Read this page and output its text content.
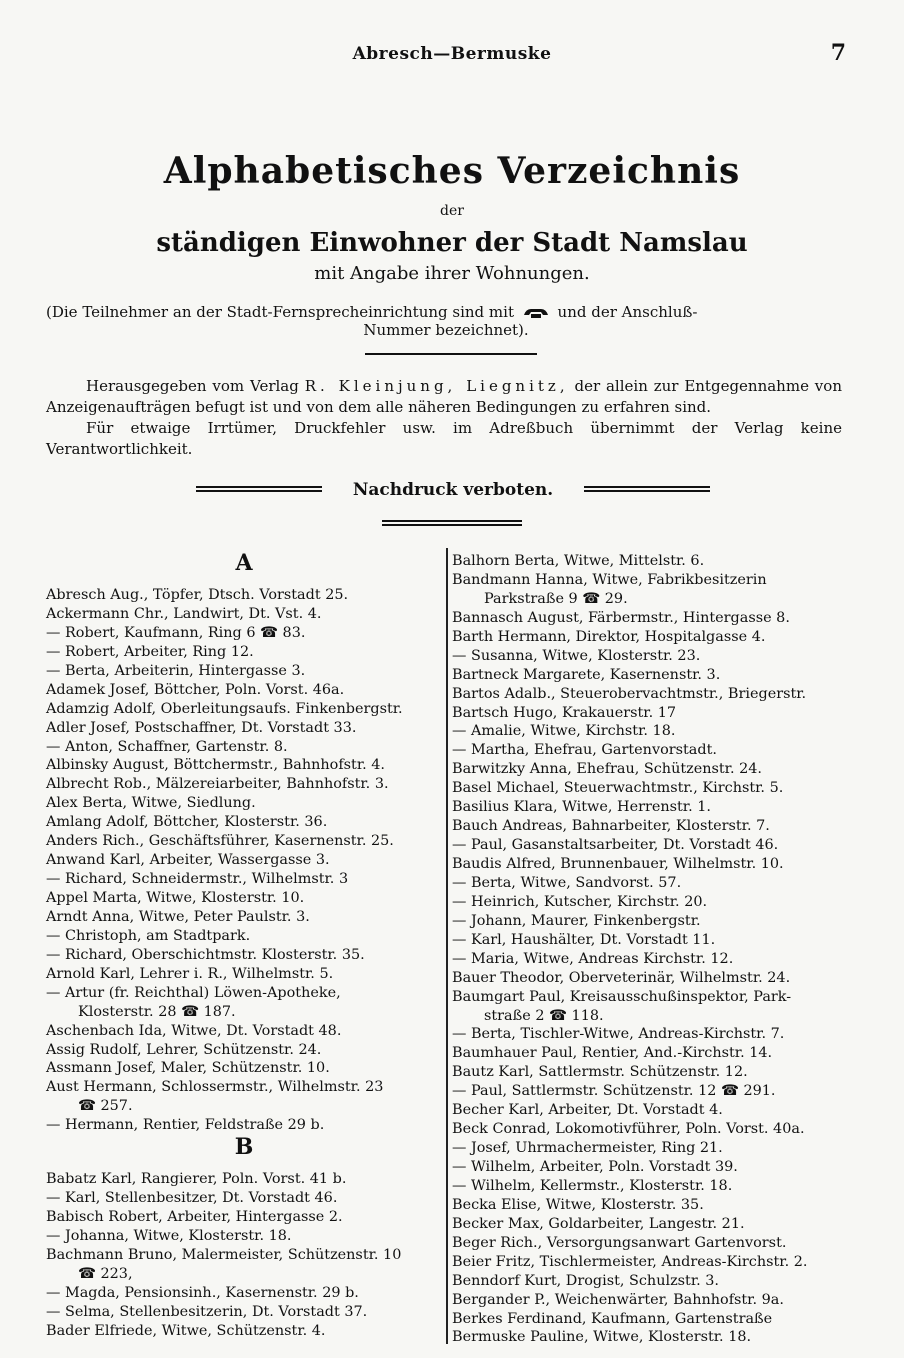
Abresch—Bermuske	7
Alphabetisches Verzeichnis
der
ständigen Einwohner der Stadt Namslau
mit Angabe ihrer Wohnungen.
(Die Teilnehmer an der Stadt-Fernsprecheinrichtung sind mit	und der Anschluß-
Nummer bezeichnet).

Herausgegeben vom Verlag R. Kleinjung, Liegnitz, der allein zur Entgegennahme von Anzeigenaufträgen befugt ist und von dem alle näheren Bedingungen zu erfahren sind.

Für etwaige Irrtümer, Druckfehler usw. im Adreßbuch übernimmt der Verlag keine Verantwortlichkeit.

Nachdruck verboten.
A
Abresch Aug., Töpfer, Dtsch. Vorstadt 25.
Ackermann Chr., Landwirt, Dt. Vst. 4.
— Robert, Kaufmann, Ring 6 ☎ 83.
— Robert, Arbeiter, Ring 12.
— Berta, Arbeiterin, Hintergasse 3.
Adamek Josef, Böttcher, Poln. Vorst. 46a.
Adamzig Adolf, Oberleitungsaufs. Finkenbergstr.
Adler Josef, Postschaffner, Dt. Vorstadt 33.
— Anton, Schaffner, Gartenstr. 8.
Albinsky August, Böttchermstr., Bahnhofstr. 4.
Albrecht Rob., Mälzereiarbeiter, Bahnhofstr. 3.
Alex Berta, Witwe, Siedlung.
Amlang Adolf, Böttcher, Klosterstr. 36.
Anders Rich., Geschäftsführer, Kasernenstr. 25.
Anwand Karl, Arbeiter, Wassergasse 3.
— Richard, Schneidermstr., Wilhelmstr. 3
Appel Marta, Witwe, Klosterstr. 10.
Arndt Anna, Witwe, Peter Paulstr. 3.
— Christoph, am Stadtpark.
— Richard, Oberschichtmstr. Klosterstr. 35.
Arnold Karl, Lehrer i. R., Wilhelmstr. 5.
— Artur (fr. Reichthal) Löwen-Apotheke,
Klosterstr. 28 ☎ 187.
Aschenbach Ida, Witwe, Dt. Vorstadt 48.
Assig Rudolf, Lehrer, Schützenstr. 24.
Assmann Josef, Maler, Schützenstr. 10.
Aust Hermann, Schlossermstr., Wilhelmstr. 23
☎ 257.
— Hermann, Rentier, Feldstraße 29 b.
B
Babatz Karl, Rangierer, Poln. Vorst. 41 b.
— Karl, Stellenbesitzer, Dt. Vorstadt 46.
Babisch Robert, Arbeiter, Hintergasse 2.
— Johanna, Witwe, Klosterstr. 18.
Bachmann Bruno, Malermeister, Schützenstr. 10
☎ 223,
— Magda, Pensionsinh., Kasernenstr. 29 b.
— Selma, Stellenbesitzerin, Dt. Vorstadt 37.
Bader Elfriede, Witwe, Schützenstr. 4.
Balhorn Berta, Witwe, Mittelstr. 6.
Bandmann Hanna, Witwe, Fabrikbesitzerin
Parkstraße 9 ☎ 29.
Bannasch August, Färbermstr., Hintergasse 8.
Barth Hermann, Direktor, Hospitalgasse 4.
— Susanna, Witwe, Klosterstr. 23.
Bartneck Margarete, Kasernenstr. 3.
Bartos Adalb., Steuerobervachtmstr., Briegerstr.
Bartsch Hugo, Krakauerstr. 17
— Amalie, Witwe, Kirchstr. 18.
— Martha, Ehefrau, Gartenvorstadt.
Barwitzky Anna, Ehefrau, Schützenstr. 24.
Basel Michael, Steuerwachtmstr., Kirchstr. 5.
Basilius Klara, Witwe, Herrenstr. 1.
Bauch Andreas, Bahnarbeiter, Klosterstr. 7.
— Paul, Gasanstaltsarbeiter, Dt. Vorstadt 46.
Baudis Alfred, Brunnenbauer, Wilhelmstr. 10.
— Berta, Witwe, Sandvorst. 57.
— Heinrich, Kutscher, Kirchstr. 20.
— Johann, Maurer, Finkenbergstr.
— Karl, Haushälter, Dt. Vorstadt 11.
— Maria, Witwe, Andreas Kirchstr. 12.
Bauer Theodor, Oberveterinär, Wilhelmstr. 24.
Baumgart Paul, Kreisausschußinspektor, Park-
straße 2 ☎ 118.
— Berta, Tischler-Witwe, Andreas-Kirchstr. 7.
Baumhauer Paul, Rentier, And.-Kirchstr. 14.
Bautz Karl, Sattlermstr. Schützenstr. 12.
— Paul, Sattlermstr. Schützenstr. 12 ☎ 291.
Becher Karl, Arbeiter, Dt. Vorstadt 4.
Beck Conrad, Lokomotivführer, Poln. Vorst. 40a.
— Josef, Uhrmachermeister, Ring 21.
— Wilhelm, Arbeiter, Poln. Vorstadt 39.
— Wilhelm, Kellermstr., Klosterstr. 18.
Becka Elise, Witwe, Klosterstr. 35.
Becker Max, Goldarbeiter, Langestr. 21.
Beger Rich., Versorgungsanwart Gartenvorst.
Beier Fritz, Tischlermeister, Andreas-Kirchstr. 2.
Benndorf Kurt, Drogist, Schulzstr. 3.
Bergander P., Weichenwärter, Bahnhofstr. 9a.
Berkes Ferdinand, Kaufmann, Gartenstraße
Bermuske Pauline, Witwe, Klosterstr. 18.
